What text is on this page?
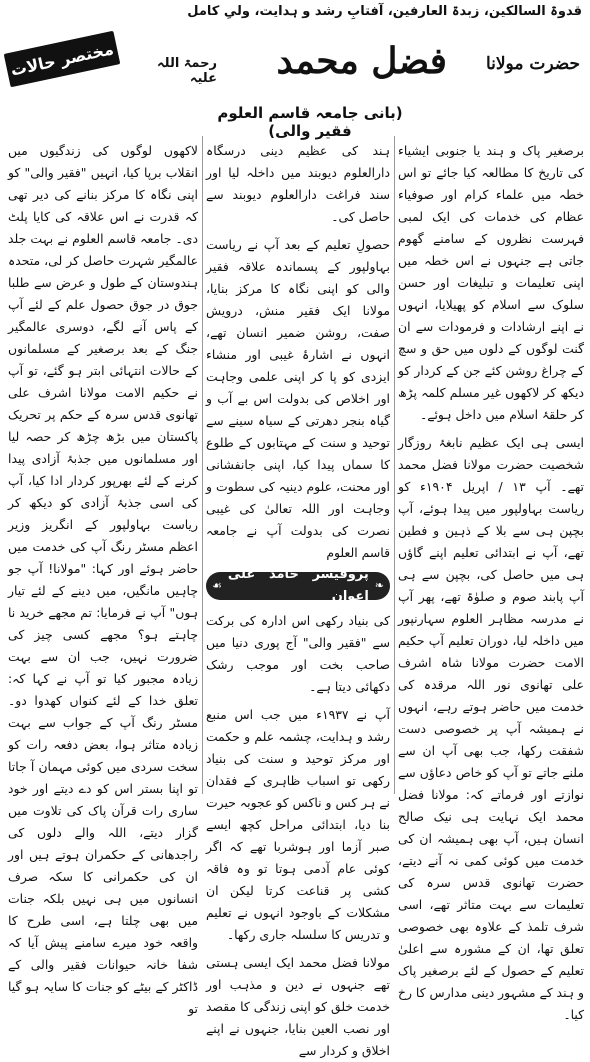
قدوۃ السالکین، زبدۃ العارفین، آفتابِ رشد و ہدایت، ولیِ کامل
حضرت مولانا
فضل محمد
رحمۃ اللہ علیہ
(بانی جامعہ قاسم العلوم فقیر والی)
مختصر حالات

برصغیر پاک و ہند یا جنوبی ایشیاء کی تاریخ کا مطالعہ کیا جائے تو اس خطہ میں علماء کرام اور صوفیاء عظام کی خدمات کی ایک لمبی فہرست نظروں کے سامنے گھوم جاتی ہے جنہوں نے اس خطہ میں اپنی تعلیمات و تبلیغات اور حسن سلوک سے اسلام کو پھیلایا، انہوں نے اپنے ارشادات و فرمودات سے ان گنت لوگوں کے دلوں میں حق و سچ کے چراغ روشن کئے جن کے کردار کو دیکھ کر لاکھوں غیر مسلم کلمہ پڑھ کر حلقۂ اسلام میں داخل ہوئے۔

ایسی ہی ایک عظیم نابغۂ روزگار شخصیت حضرت مولانا فضل محمد تھے۔ آپ ۱۳ / اپریل ۱۹۰۴ء کو ریاست بہاولپور میں پیدا ہوئے، آپ بچپن ہی سے بلا کے ذہین و فطین تھے، آپ نے ابتدائی تعلیم اپنے گاؤں ہی میں حاصل کی، بچپن سے ہی آپ پابند صوم و صلوٰۃ تھے، پھر آپ نے مدرسہ مظاہر العلوم سہارنپور میں داخلہ لیا، دوران تعلیم آپ حکیم الامت حضرت مولانا شاہ اشرف علی تھانوی نور اللہ مرقدہ کی خدمت میں حاضر ہوتے رہے، انہوں نے ہمیشہ آپ پر خصوصی دست شفقت رکھا، جب بھی آپ ان سے ملنے جاتے تو آپ کو خاص دعاؤں سے نوازتے اور فرماتے کہ: مولانا فضل محمد ایک نہایت ہی نیک صالح انسان ہیں، آپ بھی ہمیشہ ان کی خدمت میں کوئی کمی نہ آنے دیتے، حضرت تھانوی قدس سرہ کی تعلیمات سے بہت متاثر تھے، اسی شرف تلمذ کے علاوہ بھی خصوصی تعلق تھا، ان کے مشورہ سے اعلیٰ تعلیم کے حصول کے لئے برصغیر پاک و ہند کے مشہور دینی مدارس کا رخ کیا۔

ہند کی عظیم دینی درسگاہ دارالعلوم دیوبند میں داخلہ لیا اور سند فراغت دارالعلوم دیوبند سے حاصل کی۔

حصولِ تعلیم کے بعد آپ نے ریاست بہاولپور کے پسماندہ علاقہ فقیر والی کو اپنی نگاہ کا مرکز بنایا، مولانا ایک فقیر منش، درویش صفت، روشن ضمیر انسان تھے، انہوں نے اشارۂ غیبی اور منشاء ایزدی کو پا کر اپنی علمی وجاہت اور اخلاص کی بدولت اس بے آب و گیاہ بنجر دھرتی کے سیاہ سینے سے توحید و سنت کے مہتابوں کے طلوع کا سماں پیدا کیا، اپنی جانفشانی اور محنت، علوم دینیہ کی سطوت و وجاہت اور اللہ تعالیٰ کی غیبی نصرت کی بدولت آپ نے جامعہ قاسم العلوم

❧
پروفیسر حامد علی اعوان
☙

کی بنیاد رکھی اس ادارہ کی برکت سے "فقیر والی" آج پوری دنیا میں صاحب بخت اور موجب رشک دکھائی دیتا ہے۔

آپ نے ۱۹۳۷ء میں جب اس منبع رشد و ہدایت، چشمہ علم و حکمت اور مرکز توحید و سنت کی بنیاد رکھی تو اسباب ظاہری کے فقدان نے ہر کس و ناکس کو عجوبہ حیرت بنا دیا، ابتدائی مراحل کچھ ایسے صبر آزما اور ہوشربا تھے کہ اگر کوئی عام آدمی ہوتا تو وہ فاقہ کشی پر قناعت کرتا لیکن ان مشکلات کے باوجود انہوں نے تعلیم و تدریس کا سلسلہ جاری رکھا۔

مولانا فضل محمد ایک ایسی ہستی تھے جنہوں نے دین و مذہب اور خدمت خلق کو اپنی زندگی کا مقصد اور نصب العین بنایا، جنہوں نے اپنے اخلاق و کردار سے

لاکھوں لوگوں کی زندگیوں میں انقلاب برپا کیا، انہیں "فقیر والی" کو اپنی نگاہ کا مرکز بنانے کی دیر تھی کہ قدرت نے اس علاقہ کی کایا پلٹ دی۔ جامعہ قاسم العلوم نے بہت جلد عالمگیر شہرت حاصل کر لی، متحدہ ہندوستان کے طول و عرض سے طلبا جوق در جوق حصول علم کے لئے آپ کے پاس آنے لگے، دوسری عالمگیر جنگ کے بعد برصغیر کے مسلمانوں کے حالات انتہائی ابتر ہو گئے، تو آپ نے حکیم الامت مولانا اشرف علی تھانوی قدس سرہ کے حکم پر تحریک پاکستان میں بڑھ چڑھ کر حصہ لیا اور مسلمانوں میں جذبۂ آزادی پیدا کرنے کے لئے بھرپور کردار ادا کیا، آپ کی اسی جذبۂ آزادی کو دیکھ کر ریاست بہاولپور کے انگریز وزیر اعظم مسٹر رنگ آپ کی خدمت میں حاضر ہوئے اور کہا: "مولانا! آپ جو چاہیں مانگیں، میں دینے کے لئے تیار ہوں" آپ نے فرمایا: تم مجھے خرید نا چاہتے ہو؟ مجھے کسی چیز کی ضرورت نہیں، جب ان سے بہت زیادہ مجبور کیا تو آپ نے کہا کہ: تعلق خدا کے لئے کنواں کھدوا دو۔ مسٹر رنگ آپ کے جواب سے بہت زیادہ متاثر ہوا، بعض دفعہ رات کو سخت سردی میں کوئی مہمان آ جاتا تو اپنا بستر اس کو دے دیتے اور خود ساری رات قرآن پاک کی تلاوت میں گزار دیتے، اللہ والے دلوں کی راجدھانی کے حکمران ہوتے ہیں اور ان کی حکمرانی کا سکہ صرف انسانوں میں ہی نہیں بلکہ جنات میں بھی چلتا ہے، اسی طرح کا واقعہ خود میرے سامنے پیش آیا کہ شفا خانہ حیوانات فقیر والی کے ڈاکٹر کے بیٹے کو جنات کا سایہ ہو گیا تو
